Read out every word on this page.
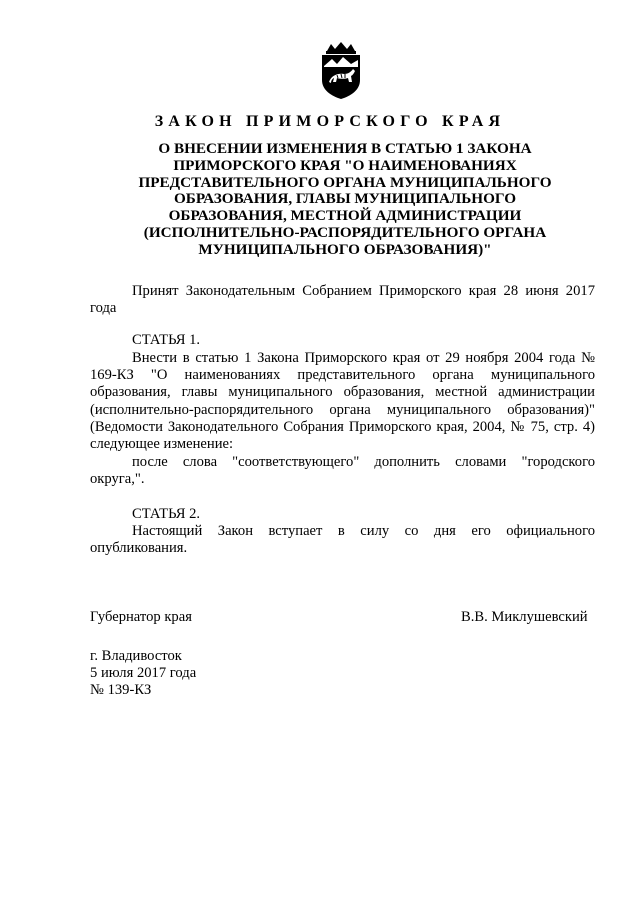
ЗАКОН ПРИМОРСКОГО КРАЯ
О ВНЕСЕНИИ ИЗМЕНЕНИЯ В СТАТЬЮ 1 ЗАКОНА
ПРИМОРСКОГО КРАЯ "О НАИМЕНОВАНИЯХ
ПРЕДСТАВИТЕЛЬНОГО ОРГАНА МУНИЦИПАЛЬНОГО
ОБРАЗОВАНИЯ, ГЛАВЫ МУНИЦИПАЛЬНОГО
ОБРАЗОВАНИЯ, МЕСТНОЙ АДМИНИСТРАЦИИ
(ИСПОЛНИТЕЛЬНО-РАСПОРЯДИТЕЛЬНОГО ОРГАНА
МУНИЦИПАЛЬНОГО ОБРАЗОВАНИЯ)"
Принят Законодательным Собранием Приморского края 28 июня 2017 года
СТАТЬЯ 1.
Внести в статью 1 Закона Приморского края от 29 ноября 2004 года № 169-КЗ "О наименованиях представительного органа муниципального образования, главы муниципального образования, местной администрации (исполнительно-распорядительного органа муниципального образования)" (Ведомости Законодательного Собрания Приморского края, 2004, № 75, стр. 4) следующее изменение:
после слова "соответствующего" дополнить словами "городского округа,".
СТАТЬЯ 2.
Настоящий Закон вступает в силу со дня его официального опубликования.
Губернатор края	В.В. Миклушевский
г. Владивосток
5 июля 2017 года
№ 139-КЗ
